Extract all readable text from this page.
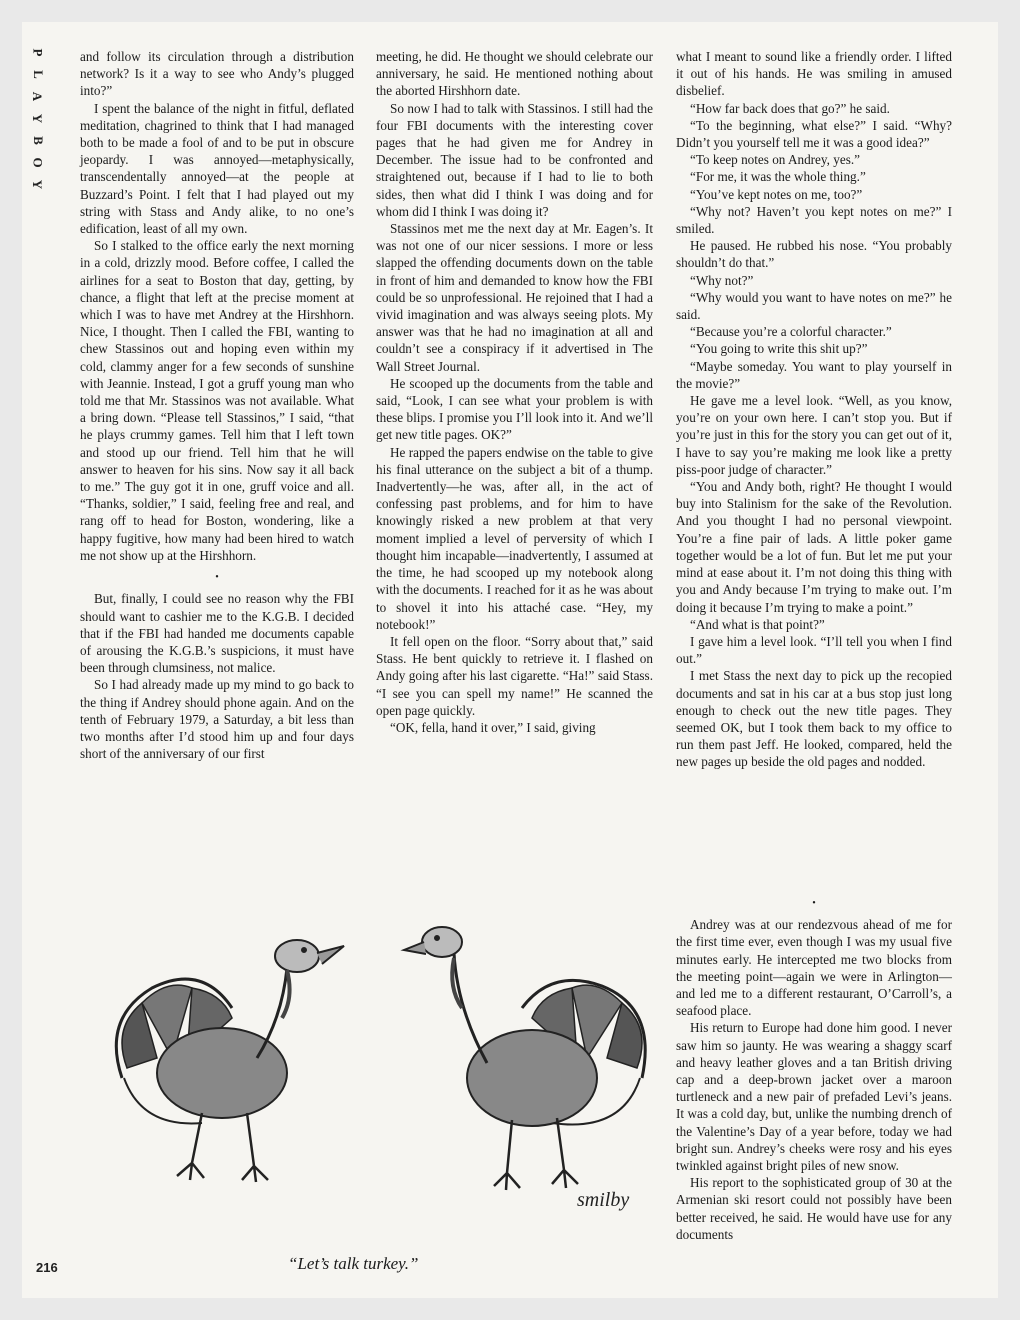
P
L
A
Y
B
O
Y

and follow its circulation through a distribution network? Is it a way to see who Andy’s plugged into?”

I spent the balance of the night in fitful, deflated meditation, chagrined to think that I had managed both to be made a fool of and to be put in obscure jeopardy. I was annoyed—metaphysically, transcendentally annoyed—at the people at Buzzard’s Point. I felt that I had played out my string with Stass and Andy alike, to no one’s edification, least of all my own.

So I stalked to the office early the next morning in a cold, drizzly mood. Before coffee, I called the airlines for a seat to Boston that day, getting, by chance, a flight that left at the precise moment at which I was to have met Andrey at the Hirshhorn. Nice, I thought. Then I called the FBI, wanting to chew Stassinos out and hoping even within my cold, clammy anger for a few seconds of sunshine with Jeannie. Instead, I got a gruff young man who told me that Mr. Stassinos was not available. What a bring down. “Please tell Stassinos,” I said, “that he plays crummy games. Tell him that I left town and stood up our friend. Tell him that he will answer to heaven for his sins. Now say it all back to me.” The guy got it in one, gruff voice and all. “Thanks, soldier,” I said, feeling free and real, and rang off to head for Boston, wondering, like a happy fugitive, how many had been hired to watch me not show up at the Hirshhorn.

•

But, finally, I could see no reason why the FBI should want to cashier me to the K.G.B. I decided that if the FBI had handed me documents capable of arousing the K.G.B.’s suspicions, it must have been through clumsiness, not malice.

So I had already made up my mind to go back to the thing if Andrey should phone again. And on the tenth of February 1979, a Saturday, a bit less than two months after I’d stood him up and four days short of the anniversary of our first

meeting, he did. He thought we should celebrate our anniversary, he said. He mentioned nothing about the aborted Hirshhorn date.

So now I had to talk with Stassinos. I still had the four FBI documents with the interesting cover pages that he had given me for Andrey in December. The issue had to be confronted and straightened out, because if I had to lie to both sides, then what did I think I was doing and for whom did I think I was doing it?

Stassinos met me the next day at Mr. Eagen’s. It was not one of our nicer sessions. I more or less slapped the offending documents down on the table in front of him and demanded to know how the FBI could be so unprofessional. He rejoined that I had a vivid imagination and was always seeing plots. My answer was that he had no imagination at all and couldn’t see a conspiracy if it advertised in The Wall Street Journal.

He scooped up the documents from the table and said, “Look, I can see what your problem is with these blips. I promise you I’ll look into it. And we’ll get new title pages. OK?”

He rapped the papers endwise on the table to give his final utterance on the subject a bit of a thump. Inadvertently—he was, after all, in the act of confessing past problems, and for him to have knowingly risked a new problem at that very moment implied a level of perversity of which I thought him incapable—inadvertently, I assumed at the time, he had scooped up my notebook along with the documents. I reached for it as he was about to shovel it into his attaché case. “Hey, my notebook!”

It fell open on the floor. “Sorry about that,” said Stass. He bent quickly to retrieve it. I flashed on Andy going after his last cigarette. “Ha!” said Stass. “I see you can spell my name!” He scanned the open page quickly.

“OK, fella, hand it over,” I said, giving

what I meant to sound like a friendly order. I lifted it out of his hands. He was smiling in amused disbelief.

“How far back does that go?” he said.

“To the beginning, what else?” I said. “Why? Didn’t you yourself tell me it was a good idea?”

“To keep notes on Andrey, yes.”

“For me, it was the whole thing.”

“You’ve kept notes on me, too?”

“Why not? Haven’t you kept notes on me?” I smiled.

He paused. He rubbed his nose. “You probably shouldn’t do that.”

“Why not?”

“Why would you want to have notes on me?” he said.

“Because you’re a colorful character.”

“You going to write this shit up?”

“Maybe someday. You want to play yourself in the movie?”

He gave me a level look. “Well, as you know, you’re on your own here. I can’t stop you. But if you’re just in this for the story you can get out of it, I have to say you’re making me look like a pretty piss-poor judge of character.”

“You and Andy both, right? He thought I would buy into Stalinism for the sake of the Revolution. And you thought I had no personal viewpoint. You’re a fine pair of lads. A little poker game together would be a lot of fun. But let me put your mind at ease about it. I’m not doing this thing with you and Andy because I’m trying to make out. I’m doing it because I’m trying to make a point.”

“And what is that point?”

I gave him a level look. “I’ll tell you when I find out.”

I met Stass the next day to pick up the recopied documents and sat in his car at a bus stop just long enough to check out the new title pages. They seemed OK, but I took them back to my office to run them past Jeff. He looked, compared, held the new pages up beside the old pages and nodded.

•

Andrey was at our rendezvous ahead of me for the first time ever, even though I was my usual five minutes early. He intercepted me two blocks from the meeting point—again we were in Arlington—and led me to a different restaurant, O’Carroll’s, a seafood place.

His return to Europe had done him good. I never saw him so jaunty. He was wearing a shaggy scarf and heavy leather gloves and a tan British driving cap and a deep-brown jacket over a maroon turtleneck and a new pair of prefaded Levi’s jeans. It was a cold day, but, unlike the numbing drench of the Valentine’s Day of a year before, today we had bright sun. Andrey’s cheeks were rosy and his eyes twinkled against bright piles of new snow.

His report to the sophisticated group of 30 at the Armenian ski resort could not possibly have been better received, he said. He would have use for any documents

smilby
“Let’s talk turkey.”
216
